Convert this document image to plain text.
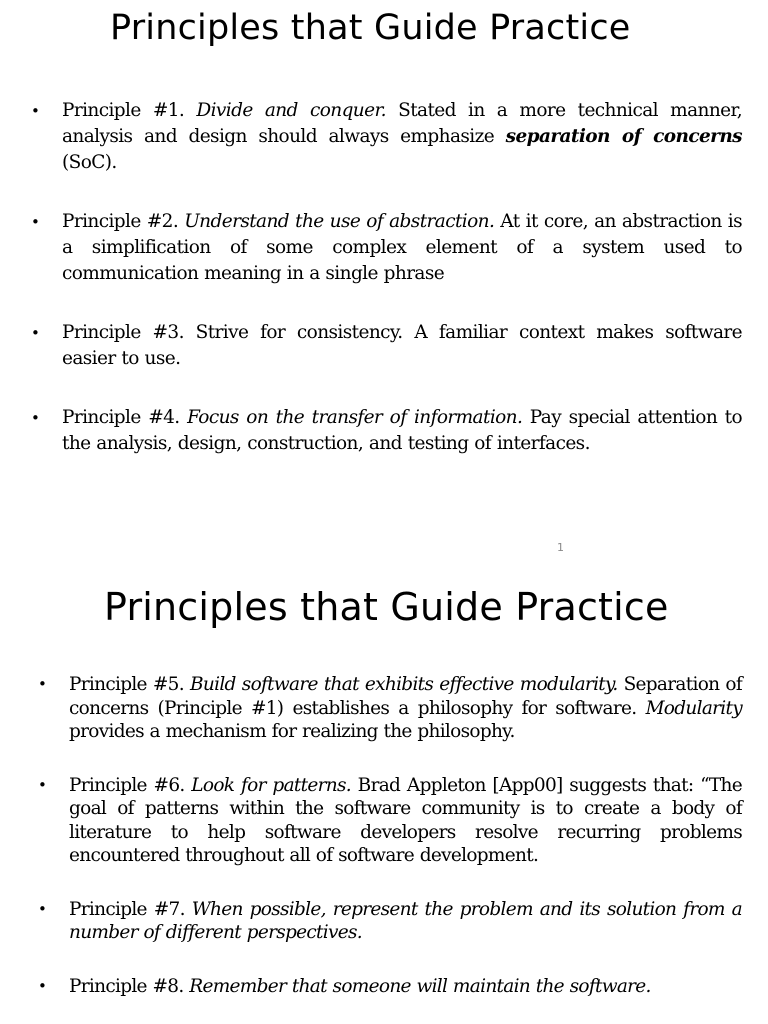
Principles that Guide Practice
• Principle #1. Divide and conquer. Stated in a more technical manner, analysis and design should always emphasize separation of concerns (SoC).
• Principle #2. Understand the use of abstraction. At it core, an abstraction is a simplification of some complex element of a system used to communication meaning in a single phrase
• Principle #3. Strive for consistency. A familiar context makes software easier to use.
• Principle #4. Focus on the transfer of information. Pay special attention to the analysis, design, construction, and testing of interfaces.
1
Principles that Guide Practice
• Principle #5. Build software that exhibits effective modularity. Separation of concerns (Principle #1) establishes a philosophy for software. Modularity provides a mechanism for realizing the philosophy.
• Principle #6. Look for patterns. Brad Appleton [App00] suggests that: “The goal of patterns within the software community is to create a body of literature to help software developers resolve recurring problems encountered throughout all of software development.
• Principle #7. When possible, represent the problem and its solution from a number of different perspectives.
• Principle #8. Remember that someone will maintain the software.
